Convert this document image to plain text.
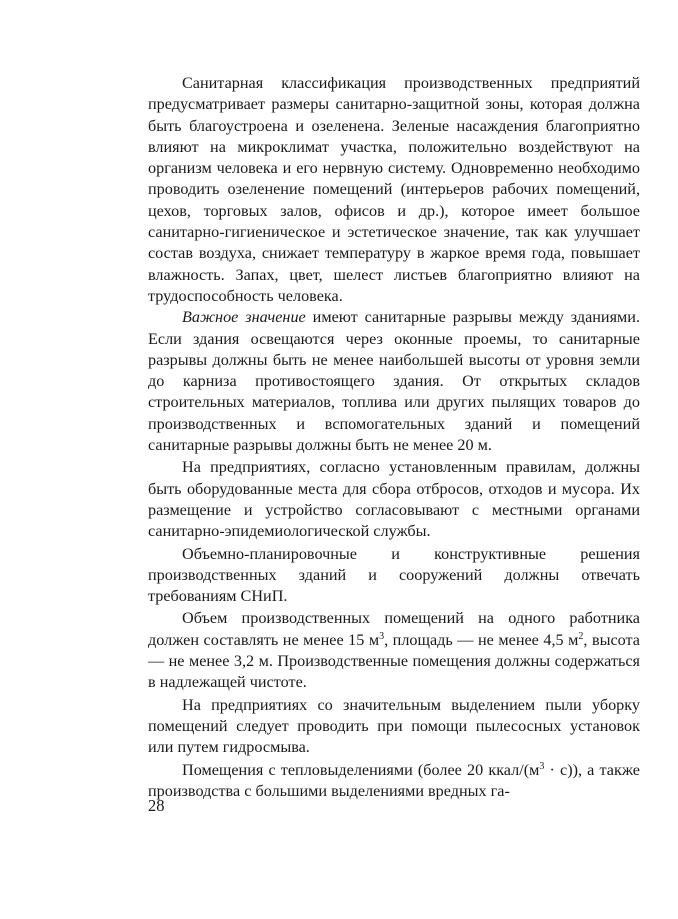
Санитарная классификация производственных предприятий предусматривает размеры санитарно-защитной зоны, которая должна быть благоустроена и озеленена. Зеленые насаждения благоприятно влияют на микроклимат участка, положительно воздействуют на организм человека и его нервную систему. Одновременно необходимо проводить озеленение помещений (интерьеров рабочих помещений, цехов, торговых залов, офисов и др.), которое имеет большое санитарно-гигиеническое и эстетическое значение, так как улучшает состав воздуха, снижает температуру в жаркое время года, повышает влажность. Запах, цвет, шелест листьев благоприятно влияют на трудоспособность человека.

Важное значение имеют санитарные разрывы между зданиями. Если здания освещаются через оконные проемы, то санитарные разрывы должны быть не менее наибольшей высоты от уровня земли до карниза противостоящего здания. От открытых складов строительных материалов, топлива или других пылящих товаров до производственных и вспомогательных зданий и помещений санитарные разрывы должны быть не менее 20 м.

На предприятиях, согласно установленным правилам, должны быть оборудованные места для сбора отбросов, отходов и мусора. Их размещение и устройство согласовывают с местными органами санитарно-эпидемиологической службы.

Объемно-планировочные и конструктивные решения производственных зданий и сооружений должны отвечать требованиям СНиП.

Объем производственных помещений на одного работника должен составлять не менее 15 $м^3$, площадь — не менее 4,5 $м^2$, высота — не менее 3,2 м. Производственные помещения должны содержаться в надлежащей чистоте.

На предприятиях со значительным выделением пыли уборку помещений следует проводить при помощи пылесосных установок или путем гидросмыва.

Помещения с тепловыделениями (более 20 ккал/$(м^3 \cdot с)$), а также производства с большими выделениями вредных га-

28
